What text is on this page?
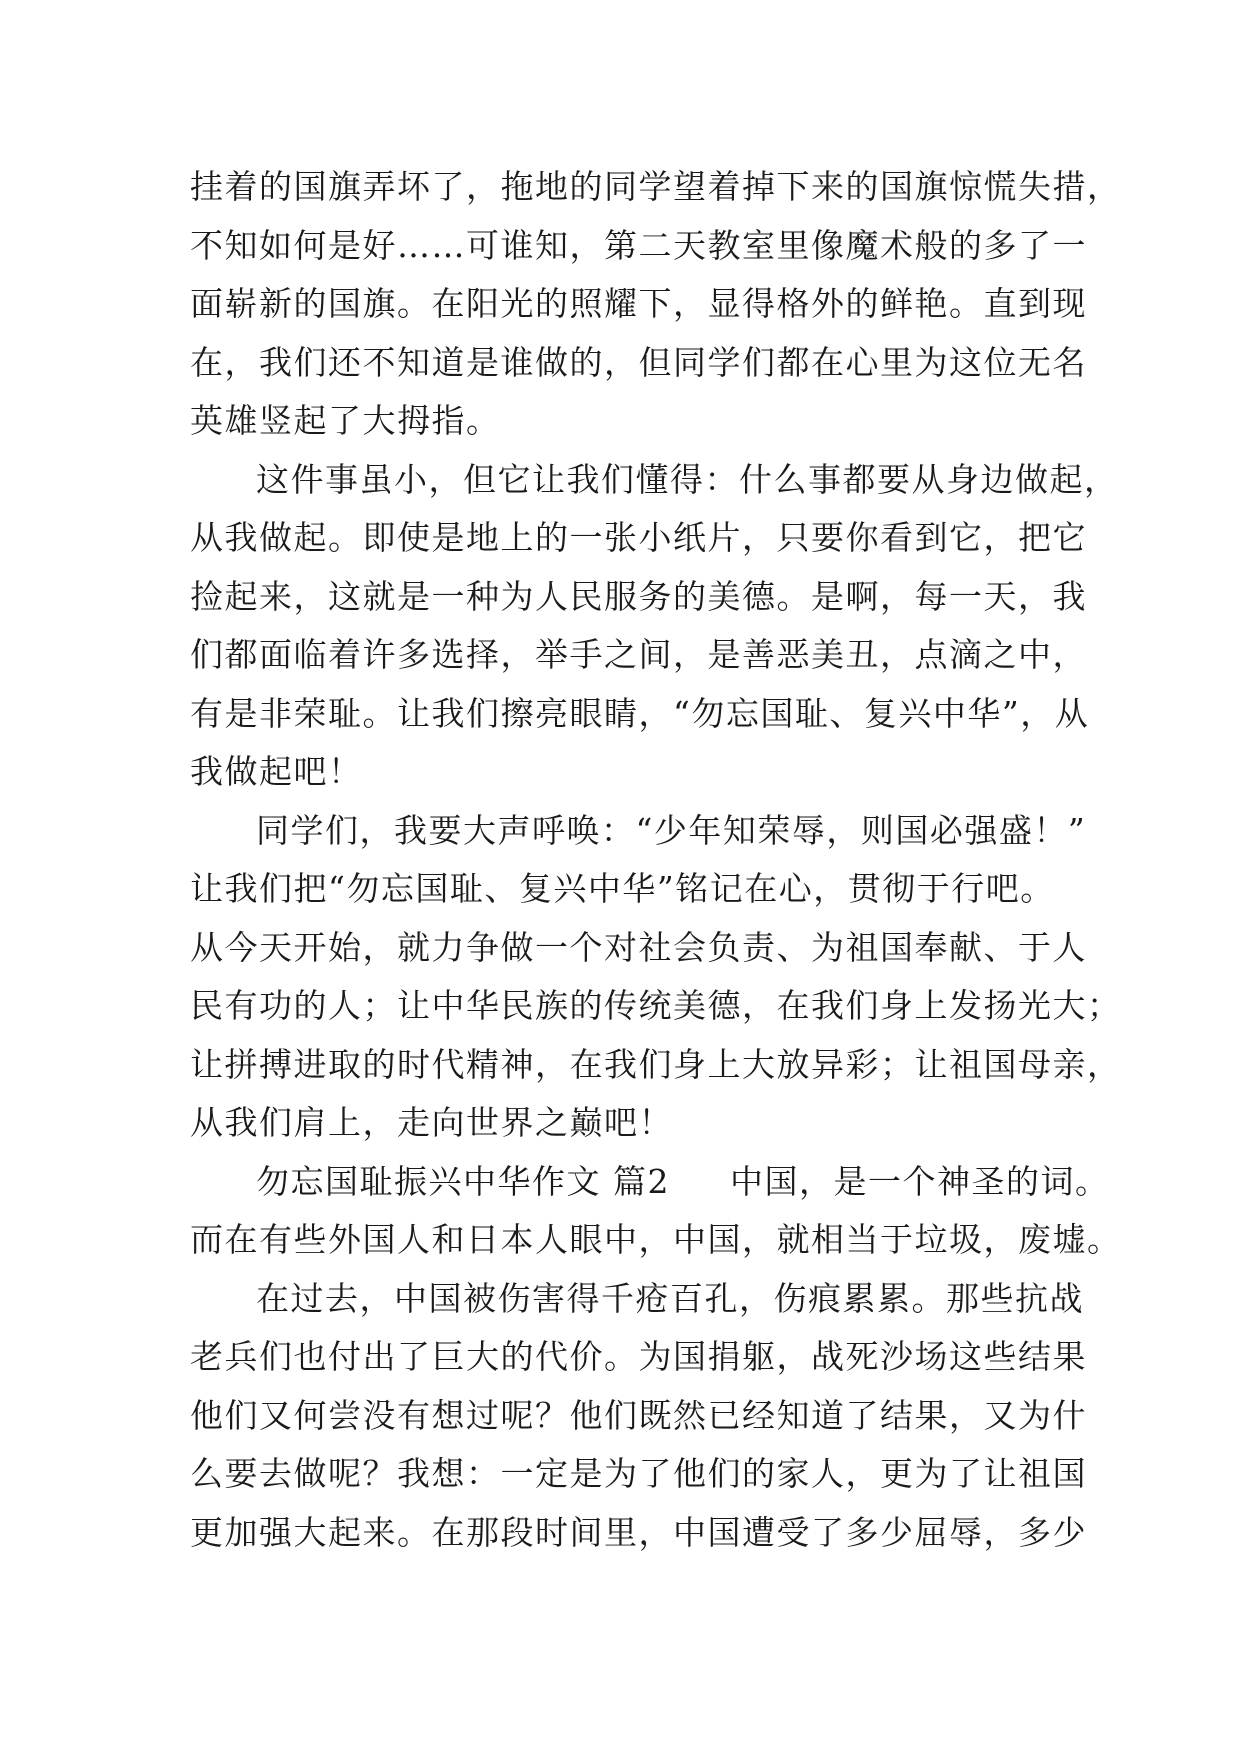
挂着的国旗弄坏了，拖地的同学望着掉下来的国旗惊慌失措，
不知如何是好……可谁知，第二天教室里像魔术般的多了一
面崭新的国旗。在阳光的照耀下，显得格外的鲜艳。直到现
在，我们还不知道是谁做的，但同学们都在心里为这位无名
英雄竖起了大拇指。
这件事虽小，但它让我们懂得：什么事都要从身边做起，
从我做起。即使是地上的一张小纸片，只要你看到它，把它
捡起来，这就是一种为人民服务的美德。是啊，每一天，我
们都面临着许多选择，举手之间，是善恶美丑，点滴之中，
有是非荣耻。让我们擦亮眼睛，“勿忘国耻、复兴中华”，从
我做起吧！
同学们，我要大声呼唤：“少年知荣辱，则国必强盛！”
让我们把“勿忘国耻、复兴中华”铭记在心，贯彻于行吧。
从今天开始，就力争做一个对社会负责、为祖国奉献、于人
民有功的人；让中华民族的传统美德，在我们身上发扬光大；
让拼搏进取的时代精神，在我们身上大放异彩；让祖国母亲，
从我们肩上，走向世界之巅吧！
勿忘国耻振兴中华作文 篇2 中国，是一个神圣的词。
而在有些外国人和日本人眼中，中国，就相当于垃圾，废墟。
在过去，中国被伤害得千疮百孔，伤痕累累。那些抗战
老兵们也付出了巨大的代价。为国捐躯，战死沙场这些结果
他们又何尝没有想过呢？他们既然已经知道了结果，又为什
么要去做呢？我想：一定是为了他们的家人，更为了让祖国
更加强大起来。在那段时间里，中国遭受了多少屈辱，多少
